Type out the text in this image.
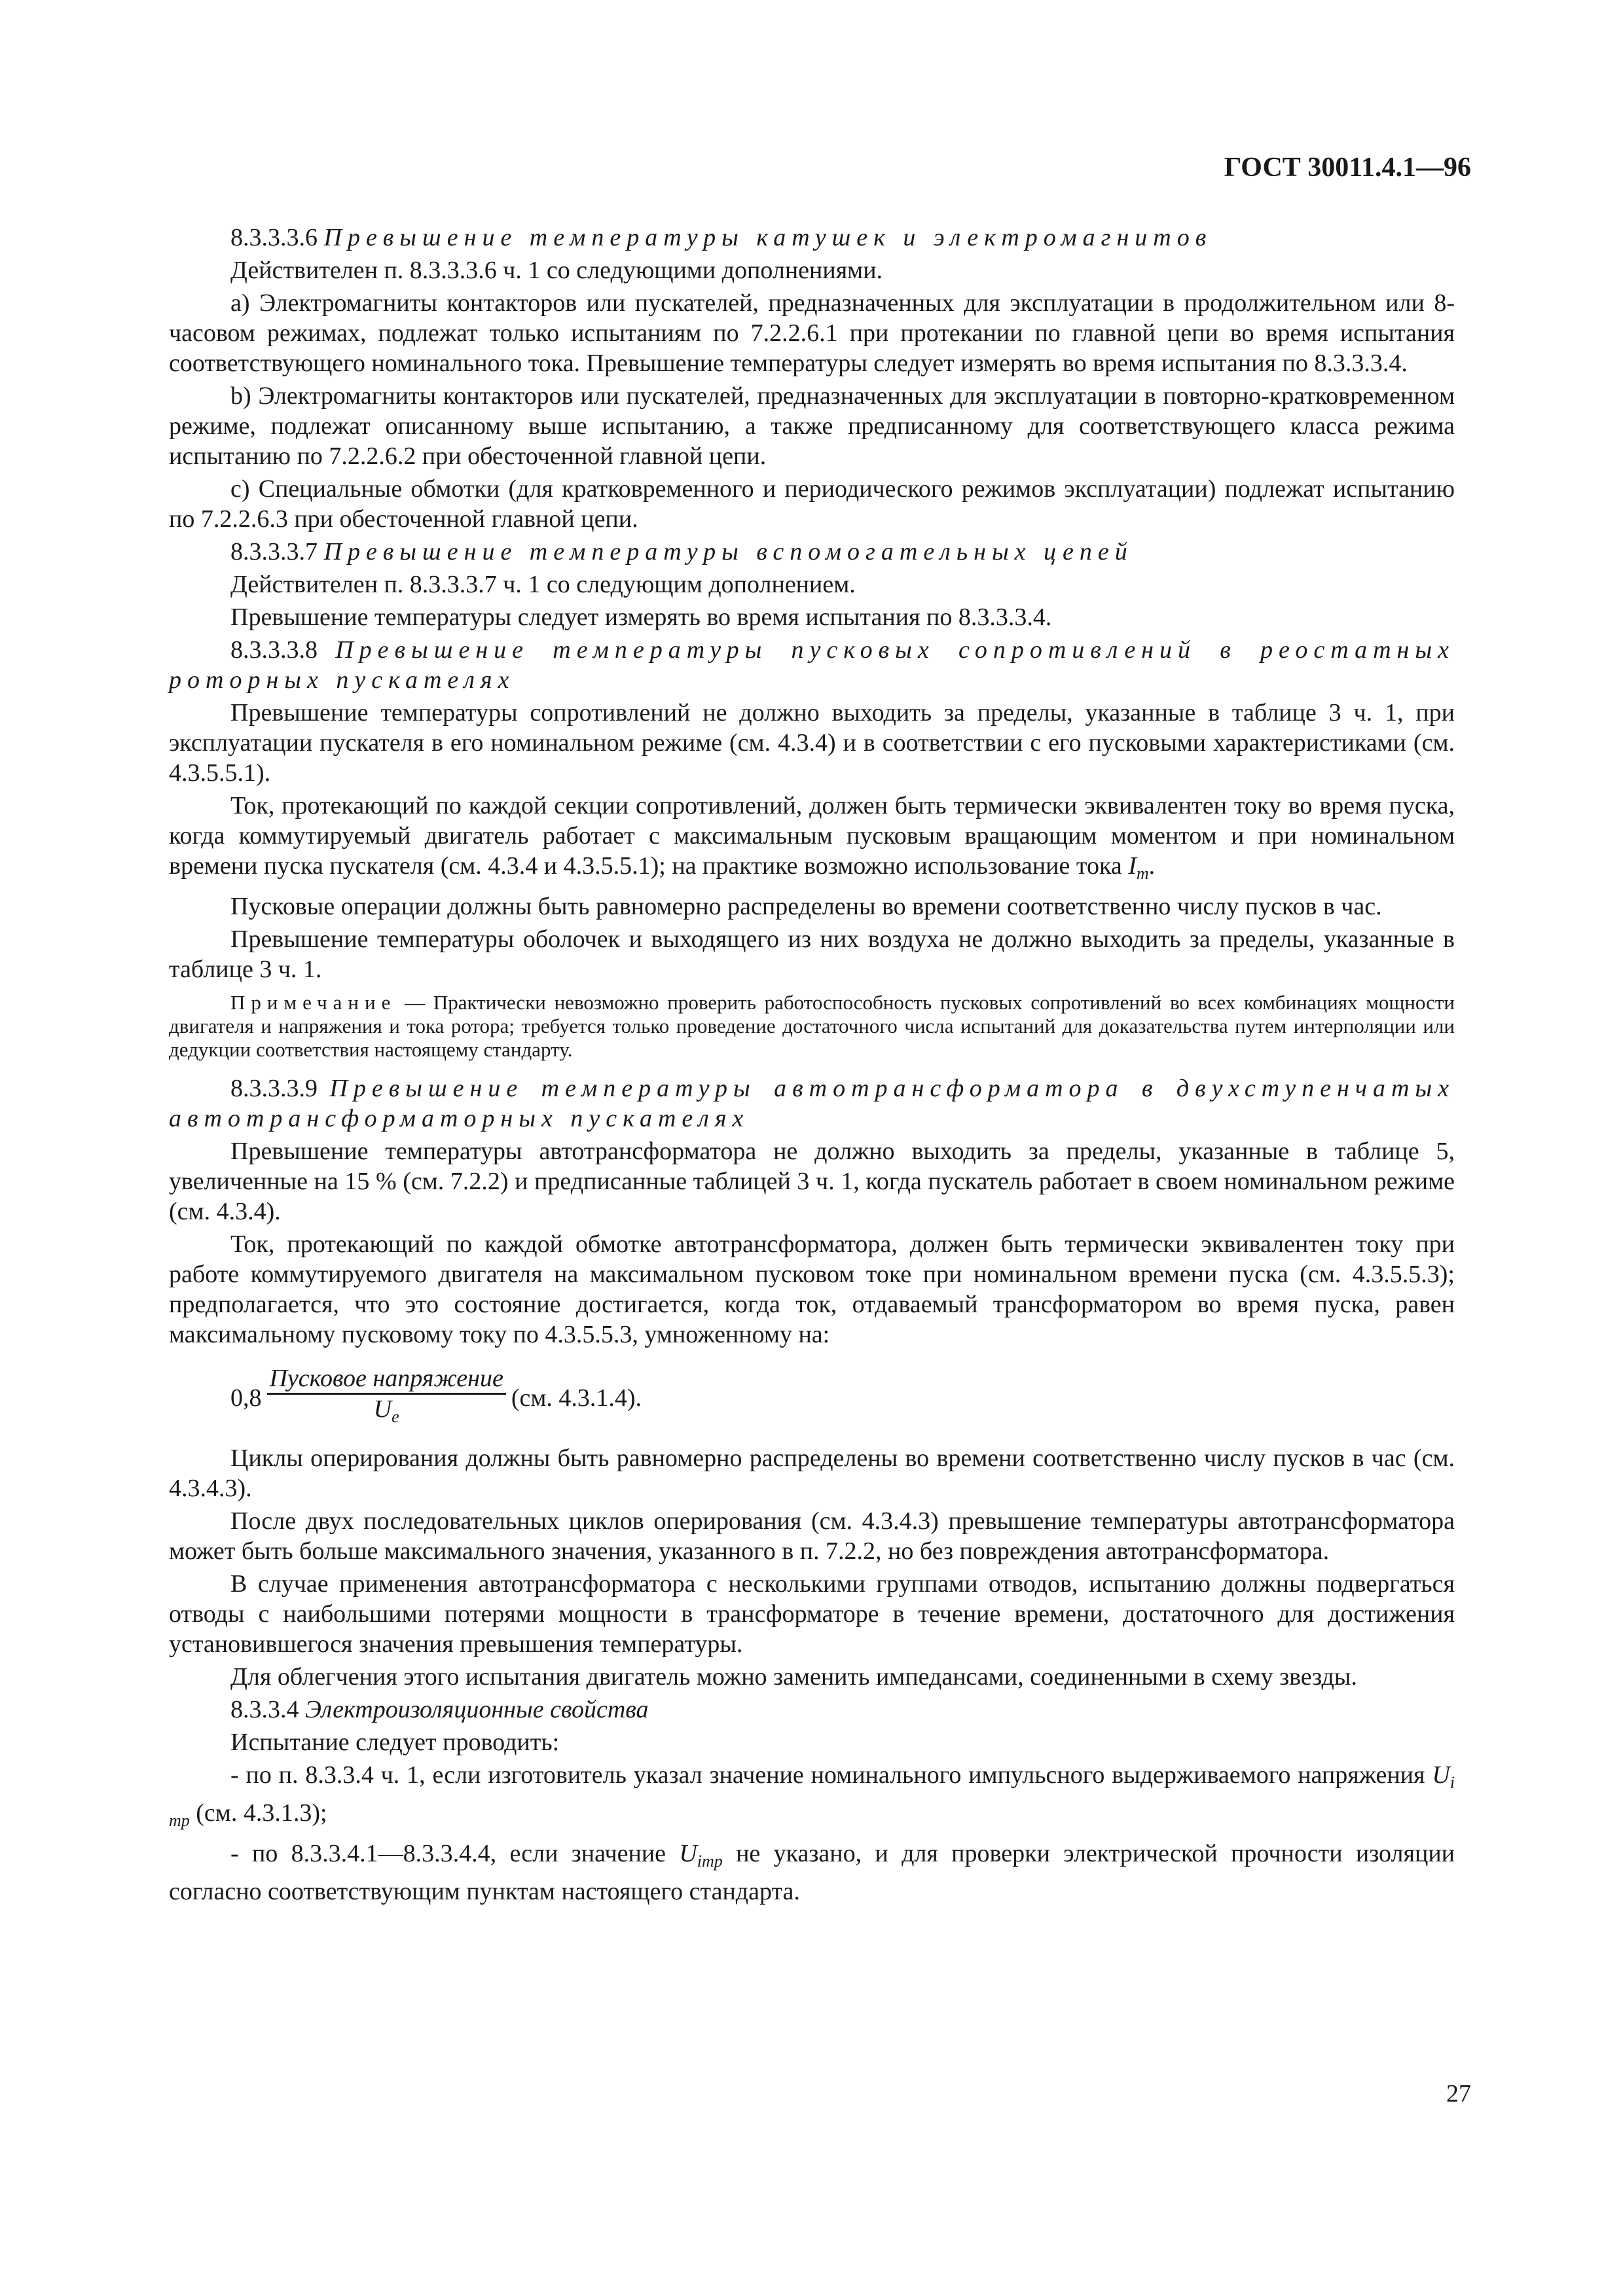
ГОСТ 30011.4.1—96
8.3.3.3.6 Превышение температуры катушек и электромагнитов
Действителен п. 8.3.3.3.6 ч. 1 со следующими дополнениями.
a) Электромагниты контакторов или пускателей, предназначенных для эксплуатации в продолжительном или 8-часовом режимах, подлежат только испытаниям по 7.2.2.6.1 при протекании по главной цепи во время испытания соответствующего номинального тока. Превышение температуры следует измерять во время испытания по 8.3.3.3.4.
b) Электромагниты контакторов или пускателей, предназначенных для эксплуатации в повторно-кратковременном режиме, подлежат описанному выше испытанию, а также предписанному для соответствующего класса режима испытанию по 7.2.2.6.2 при обесточенной главной цепи.
c) Специальные обмотки (для кратковременного и периодического режимов эксплуатации) подлежат испытанию по 7.2.2.6.3 при обесточенной главной цепи.
8.3.3.3.7 Превышение температуры вспомогательных цепей
Действителен п. 8.3.3.3.7 ч. 1 со следующим дополнением.
Превышение температуры следует измерять во время испытания по 8.3.3.3.4.
8.3.3.3.8 Превышение температуры пусковых сопротивлений в реостатных роторных пускателях
Превышение температуры сопротивлений не должно выходить за пределы, указанные в таблице 3 ч. 1, при эксплуатации пускателя в его номинальном режиме (см. 4.3.4) и в соответствии с его пусковыми характеристиками (см. 4.3.5.5.1).
Ток, протекающий по каждой секции сопротивлений, должен быть термически эквивалентен току во время пуска, когда коммутируемый двигатель работает с максимальным пусковым вращающим моментом и при номинальном времени пуска пускателя (см. 4.3.4 и 4.3.5.5.1); на практике возможно использование тока $I_m$.
Пусковые операции должны быть равномерно распределены во времени соответственно числу пусков в час.
Превышение температуры оболочек и выходящего из них воздуха не должно выходить за пределы, указанные в таблице 3 ч. 1.
Примечание — Практически невозможно проверить работоспособность пусковых сопротивлений во всех комбинациях мощности двигателя и напряжения и тока ротора; требуется только проведение достаточного числа испытаний для доказательства путем интерполяции или дедукции соответствия настоящему стандарту.
8.3.3.3.9 Превышение температуры автотрансформатора в двухступенчатых автотрансформаторных пускателях
Превышение температуры автотрансформатора не должно выходить за пределы, указанные в таблице 5, увеличенные на 15 % (см. 7.2.2) и предписанные таблицей 3 ч. 1, когда пускатель работает в своем номинальном режиме (см. 4.3.4).
Ток, протекающий по каждой обмотке автотрансформатора, должен быть термически эквивалентен току при работе коммутируемого двигателя на максимальном пусковом токе при номинальном времени пуска (см. 4.3.5.5.3); предполагается, что это состояние достигается, когда ток, отдаваемый трансформатором во время пуска, равен максимальному пусковому току по 4.3.5.5.3, умноженному на:
$0,8 \frac{\text{Пусковое напряжение}}{U_e} (см$. 4.3.1.4).
Циклы оперирования должны быть равномерно распределены во времени соответственно числу пусков в час (см. 4.3.4.3).
После двух последовательных циклов оперирования (см. 4.3.4.3) превышение температуры автотрансформатора может быть больше максимального значения, указанного в п. 7.2.2, но без повреждения автотрансформатора.
В случае применения автотрансформатора с несколькими группами отводов, испытанию должны подвергаться отводы с наибольшими потерями мощности в трансформаторе в течение времени, достаточного для достижения установившегося значения превышения температуры.
Для облегчения этого испытания двигатель можно заменить импедансами, соединенными в схему звезды.
8.3.3.4 Электроизоляционные свойства
Испытание следует проводить:
- по п. 8.3.3.4 ч. 1, если изготовитель указал значение номинального импульсного выдерживаемого напряжения $U_{i mp}$ (см. 4.3.1.3);
- по 8.3.3.4.1—8.3.3.4.4, если значение $U_{imp}$ не указано, и для проверки электрической прочности изоляции согласно соответствующим пунктам настоящего стандарта.
27
